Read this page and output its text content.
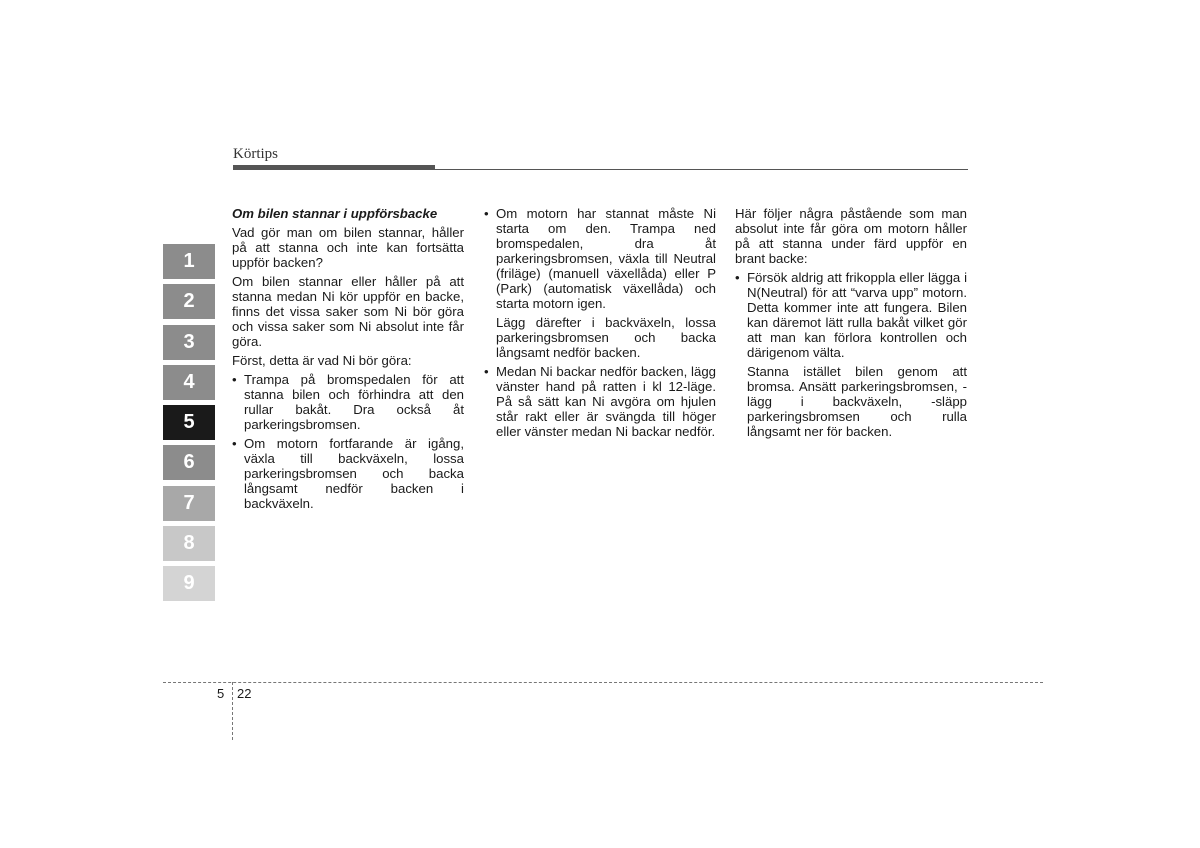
Körtips
1
2
3
4
5
6
7
8
9
Om bilen stannar i uppförsbacke

Vad gör man om bilen stannar, håller på att stanna och inte kan fortsätta uppför backen?

Om bilen stannar eller håller på att stanna medan Ni kör uppför en backe, finns det vissa saker som Ni bör göra och vissa saker som Ni absolut inte får göra.

Först, detta är vad Ni bör göra:

• Trampa på bromspedalen för att stanna bilen och förhindra att den rullar bakåt. Dra också åt parkeringsbromsen.
• Om motorn fortfarande är igång, växla till backväxeln, lossa parkeringsbromsen och backa långsamt nedför backen i backväxeln.
• Om motorn har stannat måste Ni starta om den. Trampa ned bromspedalen, dra åt parkeringsbromsen, växla till Neutral (friläge) (manuell växellåda) eller P (Park) (automatisk växellåda) och starta motorn igen.
Lägg därefter i backväxeln, lossa parkeringsbromsen och backa långsamt nedför backen.
• Medan Ni backar nedför backen, lägg vänster hand på ratten i kl 12-läge. På så sätt kan Ni avgöra om hjulen står rakt eller är svängda till höger eller vänster medan Ni backar nedför.

Här följer några påstående som man absolut inte får göra om motorn håller på att stanna under färd uppför en brant backe:

• Försök aldrig att frikoppla eller lägga i N(Neutral) för att “varva upp” motorn. Detta kommer inte att fungera. Bilen kan däremot lätt rulla bakåt vilket gör att man kan förlora kontrollen och därigenom välta.
Stanna istället bilen genom att bromsa. Ansätt parkeringsbromsen, -lägg i backväxeln, -släpp parkeringsbromsen och rulla långsamt ner för backen.
5 22
